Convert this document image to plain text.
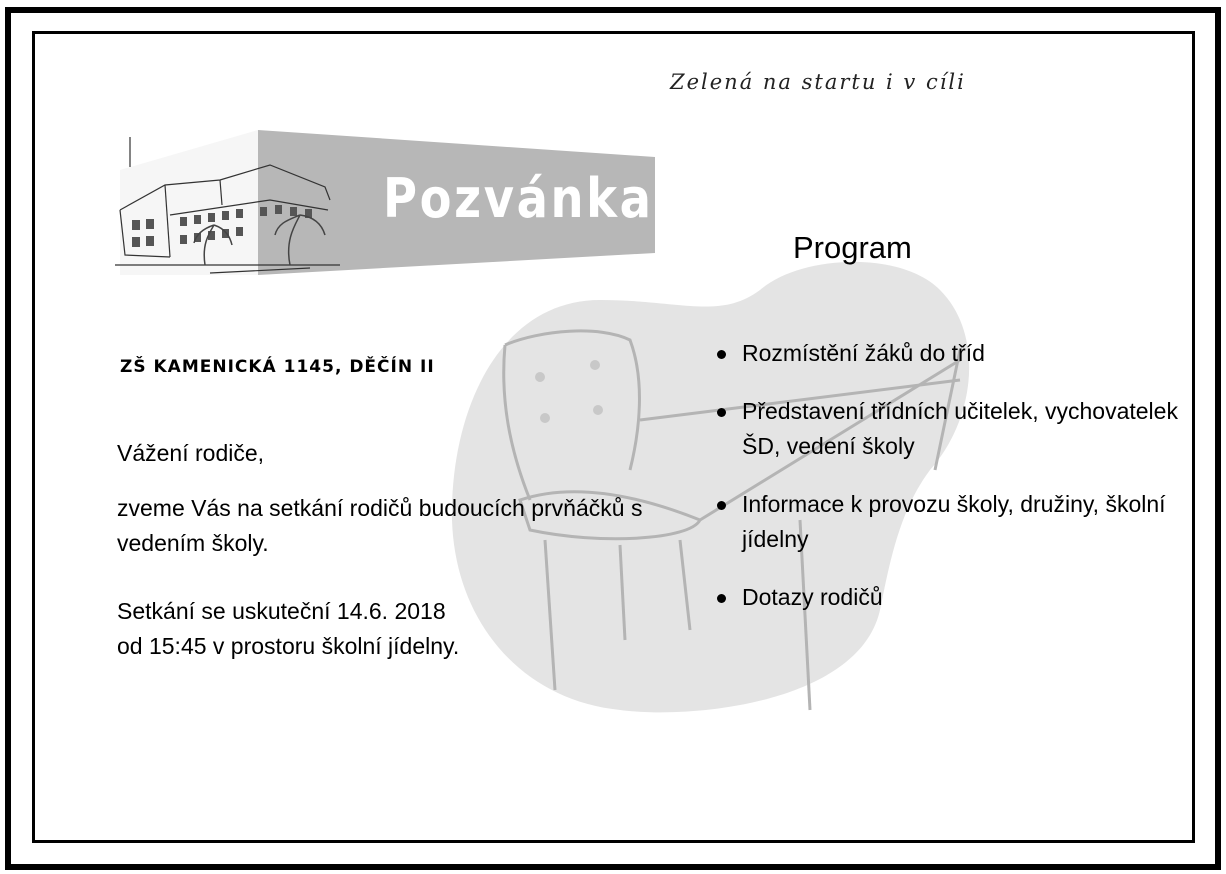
Zelená na startu i v cíli
Pozvánka
ZŠ KAMENICKÁ 1145, DĚČÍN II

Vážení rodiče,

zveme Vás na setkání rodičů budoucích prvňáčků s vedením školy.

Setkání se uskuteční 14.6. 2018
od 15:45 v prostoru školní jídelny.

Program
Rozmístění žáků do tříd
Představení třídních učitelek, vychovatelek ŠD, vedení školy
Informace k provozu školy, družiny, školní jídelny
Dotazy rodičů
